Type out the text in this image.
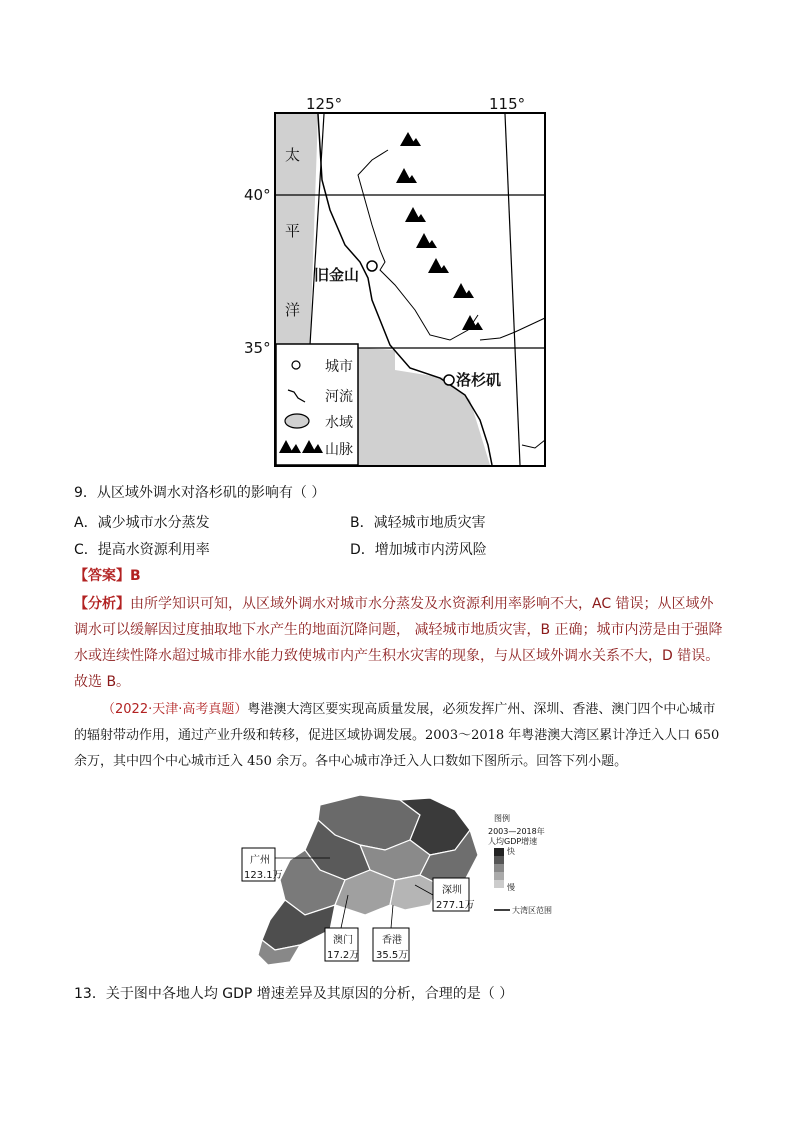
125°	115°
40°
35°
太
平
洋
旧金山
洛杉矶
城市
河流
水域
山脉
9．从区域外调水对洛杉矶的影响有（ ）
A．减少城市水分蒸发	B．减轻城市地质灾害
C．提高水资源利用率	D．增加城市内涝风险
【答案】B
【分析】由所学知识可知，从区域外调水对城市水分蒸发及水资源利用率影响不大，AC 错误；从区域外调水可以缓解因过度抽取地下水产生的地面沉降问题， 减轻城市地质灾害，B 正确；城市内涝是由于强降水或连续性降水超过城市排水能力致使城市内产生积水灾害的现象，与从区域外调水关系不大，D 错误。故选 B。
（2022·天津·高考真题）粤港澳大湾区要实现高质量发展，必须发挥广州、深圳、香港、澳门四个中心城市的辐射带动作用，通过产业升级和转移，促进区域协调发展。2003～2018 年粤港澳大湾区累计净迁入人口 650 余万，其中四个中心城市迁入 450 余万。各中心城市净迁入人口数如下图所示。回答下列小题。
图例
2003—2018年
人均GDP增速
快
慢
大湾区范围
广州
123.1万
澳门
17.2万
香港
35.5万
深圳
277.1万
13．关于图中各地人均 GDP 增速差异及其原因的分析，合理的是（ ）
